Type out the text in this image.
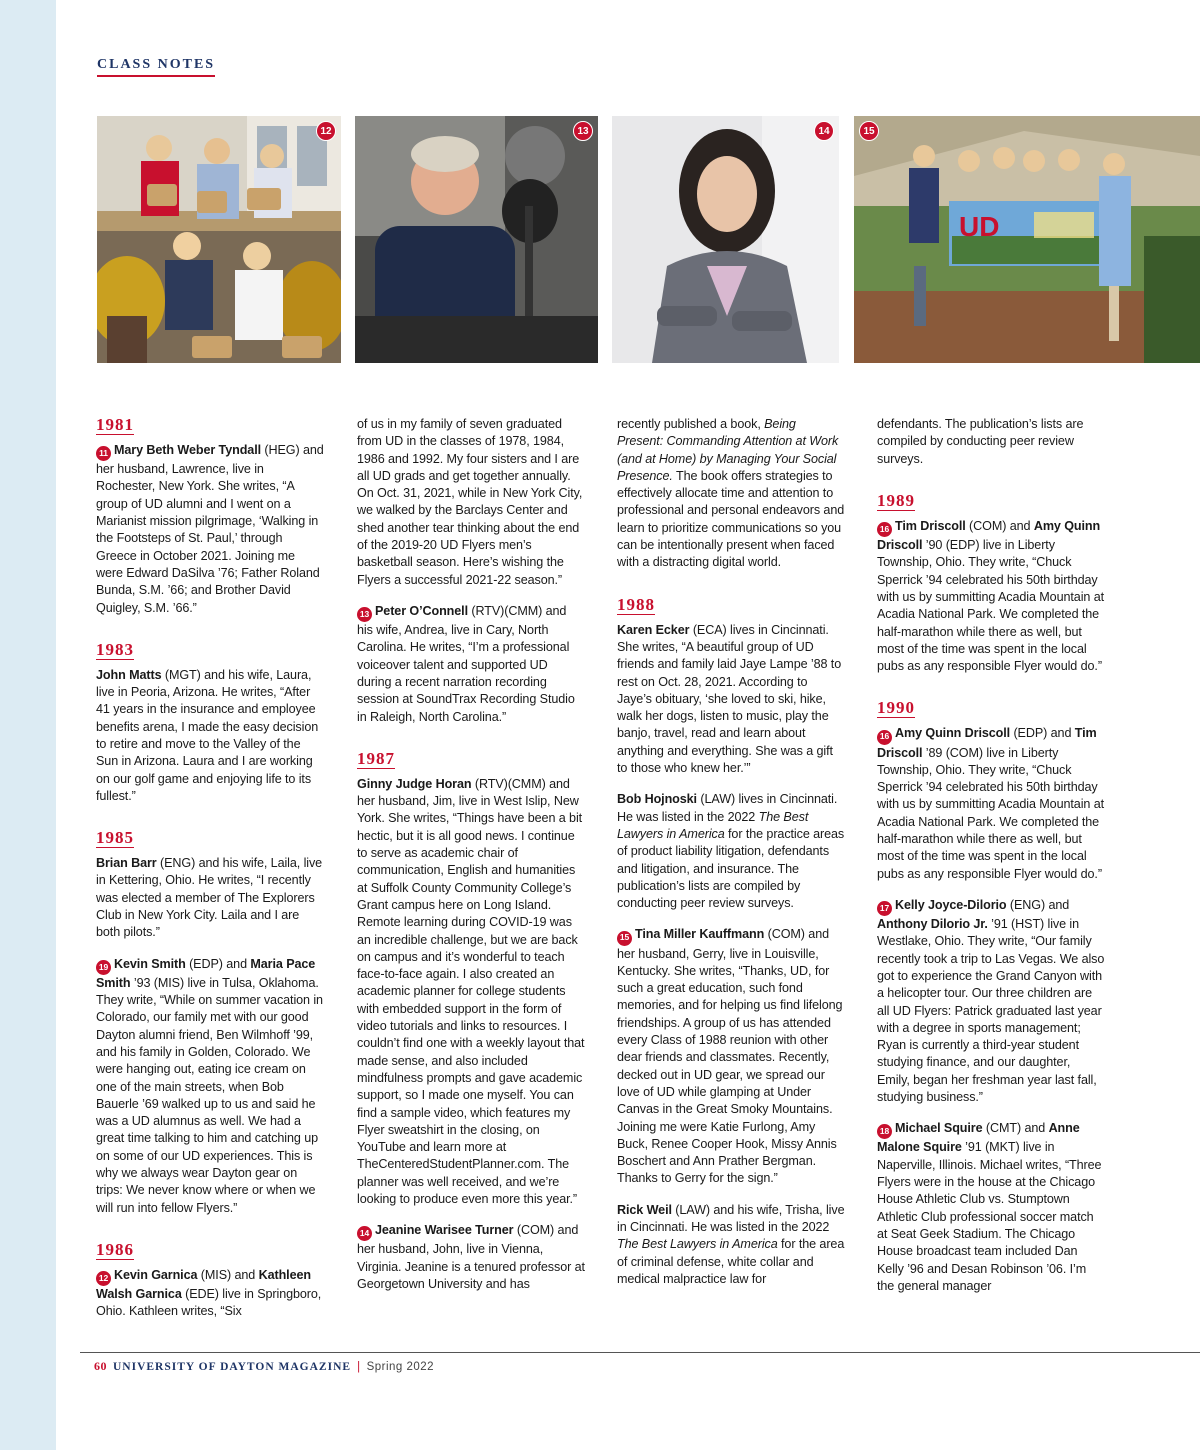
CLASS NOTES
12	13	14
UD
15
1981

11 Mary Beth Weber Tyndall (HEG) and her husband, Lawrence, live in Rochester, New York. She writes, “A group of UD alumni and I went on a Marianist mission pilgrimage, ‘Walking in the Footsteps of St. Paul,’ through Greece in October 2021. Joining me were Edward DaSilva ’76; Father Roland Bunda, S.M. ’66; and Brother David Quigley, S.M. ’66.”

1983

John Matts (MGT) and his wife, Laura, live in Peoria, Arizona. He writes, “After 41 years in the insurance and employee benefits arena, I made the easy decision to retire and move to the Valley of the Sun in Arizona. Laura and I are working on our golf game and enjoying life to its fullest.”

1985

Brian Barr (ENG) and his wife, Laila, live in Kettering, Ohio. He writes, “I recently was elected a member of The Explorers Club in New York City. Laila and I are both pilots.”

19 Kevin Smith (EDP) and Maria Pace Smith ’93 (MIS) live in Tulsa, Oklahoma. They write, “While on summer vacation in Colorado, our family met with our good Dayton alumni friend, Ben Wilmhoff ’99, and his family in Golden, Colorado. We were hanging out, eating ice cream on one of the main streets, when Bob Bauerle ’69 walked up to us and said he was a UD alumnus as well. We had a great time talking to him and catching up on some of our UD experiences. This is why we always wear Dayton gear on trips: We never know where or when we will run into fellow Flyers.”

1986

12 Kevin Garnica (MIS) and Kathleen Walsh Garnica (EDE) live in Springboro, Ohio. Kathleen writes, “Six

of us in my family of seven graduated from UD in the classes of 1978, 1984, 1986 and 1992. My four sisters and I are all UD grads and get together annually. On Oct. 31, 2021, while in New York City, we walked by the Barclays Center and shed another tear thinking about the end of the 2019-20 UD Flyers men’s basketball season. Here’s wishing the Flyers a successful 2021-22 season.”

13 Peter O’Connell (RTV)(CMM) and his wife, Andrea, live in Cary, North Carolina. He writes, “I’m a professional voiceover talent and supported UD during a recent narration recording session at SoundTrax Recording Studio in Raleigh, North Carolina.”

1987

Ginny Judge Horan (RTV)(CMM) and her husband, Jim, live in West Islip, New York. She writes, “Things have been a bit hectic, but it is all good news. I continue to serve as academic chair of communication, English and humanities at Suffolk County Community College’s Grant campus here on Long Island. Remote learning during COVID-19 was an incredible challenge, but we are back on campus and it’s wonderful to teach face-to-face again. I also created an academic planner for college students with embedded support in the form of video tutorials and links to resources. I couldn’t find one with a weekly layout that made sense, and also included mindfulness prompts and gave academic support, so I made one myself. You can find a sample video, which features my Flyer sweatshirt in the closing, on YouTube and learn more at TheCenteredStudentPlanner.com. The planner was well received, and we’re looking to produce even more this year.”

14 Jeanine Warisee Turner (COM) and her husband, John, live in Vienna, Virginia. Jeanine is a tenured professor at Georgetown University and has

recently published a book, Being Present: Commanding Attention at Work (and at Home) by Managing Your Social Presence. The book offers strategies to effectively allocate time and attention to professional and personal endeavors and learn to prioritize communications so you can be intentionally present when faced with a distracting digital world.

1988

Karen Ecker (ECA) lives in Cincinnati. She writes, “A beautiful group of UD friends and family laid Jaye Lampe ’88 to rest on Oct. 28, 2021. According to Jaye’s obituary, ‘she loved to ski, hike, walk her dogs, listen to music, play the banjo, travel, read and learn about anything and everything. She was a gift to those who knew her.’”

Bob Hojnoski (LAW) lives in Cincinnati. He was listed in the 2022 The Best Lawyers in America for the practice areas of product liability litigation, defendants and litigation, and insurance. The publication’s lists are compiled by conducting peer review surveys.

15 Tina Miller Kauffmann (COM) and her husband, Gerry, live in Louisville, Kentucky. She writes, “Thanks, UD, for such a great education, such fond memories, and for helping us find lifelong friendships. A group of us has attended every Class of 1988 reunion with other dear friends and classmates. Recently, decked out in UD gear, we spread our love of UD while glamping at Under Canvas in the Great Smoky Mountains. Joining me were Katie Furlong, Amy Buck, Renee Cooper Hook, Missy Annis Boschert and Ann Prather Bergman. Thanks to Gerry for the sign.”

Rick Weil (LAW) and his wife, Trisha, live in Cincinnati. He was listed in the 2022 The Best Lawyers in America for the area of criminal defense, white collar and medical malpractice law for

defendants. The publication’s lists are compiled by conducting peer review surveys.

1989

16 Tim Driscoll (COM) and Amy Quinn Driscoll ’90 (EDP) live in Liberty Township, Ohio. They write, “Chuck Sperrick ’94 celebrated his 50th birthday with us by summitting Acadia Mountain at Acadia National Park. We completed the half-marathon while there as well, but most of the time was spent in the local pubs as any responsible Flyer would do.”

1990

16 Amy Quinn Driscoll (EDP) and Tim Driscoll ’89 (COM) live in Liberty Township, Ohio. They write, “Chuck Sperrick ’94 celebrated his 50th birthday with us by summitting Acadia Mountain at Acadia National Park. We completed the half-marathon while there as well, but most of the time was spent in the local pubs as any responsible Flyer would do.”

17 Kelly Joyce-Dilorio (ENG) and Anthony Dilorio Jr. ’91 (HST) live in Westlake, Ohio. They write, “Our family recently took a trip to Las Vegas. We also got to experience the Grand Canyon with a helicopter tour. Our three children are all UD Flyers: Patrick graduated last year with a degree in sports management; Ryan is currently a third-year student studying finance, and our daughter, Emily, began her freshman year last fall, studying business.”

18 Michael Squire (CMT) and Anne Malone Squire ’91 (MKT) live in Naperville, Illinois. Michael writes, “Three Flyers were in the house at the Chicago House Athletic Club vs. Stumptown Athletic Club professional soccer match at Seat Geek Stadium. The Chicago House broadcast team included Dan Kelly ’96 and Desan Robinson ’06. I’m the general manager

60 UNIVERSITY OF DAYTON MAGAZINE | Spring 2022
